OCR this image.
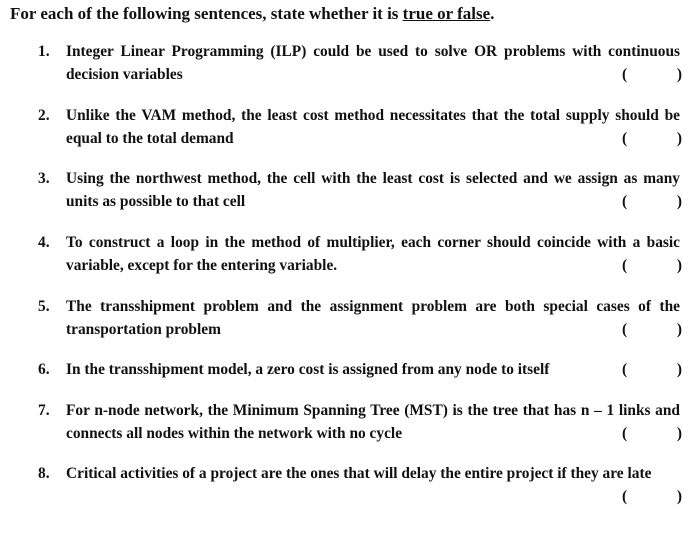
For each of the following sentences, state whether it is true or false.
1. Integer Linear Programming (ILP) could be used to solve OR problems with continuous
decision variables	(	)
2. Unlike the VAM method, the least cost method necessitates that the total supply should be
equal to the total demand	(	)
3. Using the northwest method, the cell with the least cost is selected and we assign as many
units as possible to that cell	(	)
4. To construct a loop in the method of multiplier, each corner should coincide with a basic
variable, except for the entering variable.	(	)
5. The transshipment problem and the assignment problem are both special cases of the
transportation problem	(	)
6. In the transshipment model, a zero cost is assigned from any node to itself	(	)
7. For n-node network, the Minimum Spanning Tree (MST) is the tree that has n – 1 links and
connects all nodes within the network with no cycle	(	)
8. Critical activities of a project are the ones that will delay the entire project if they are late
(	)
